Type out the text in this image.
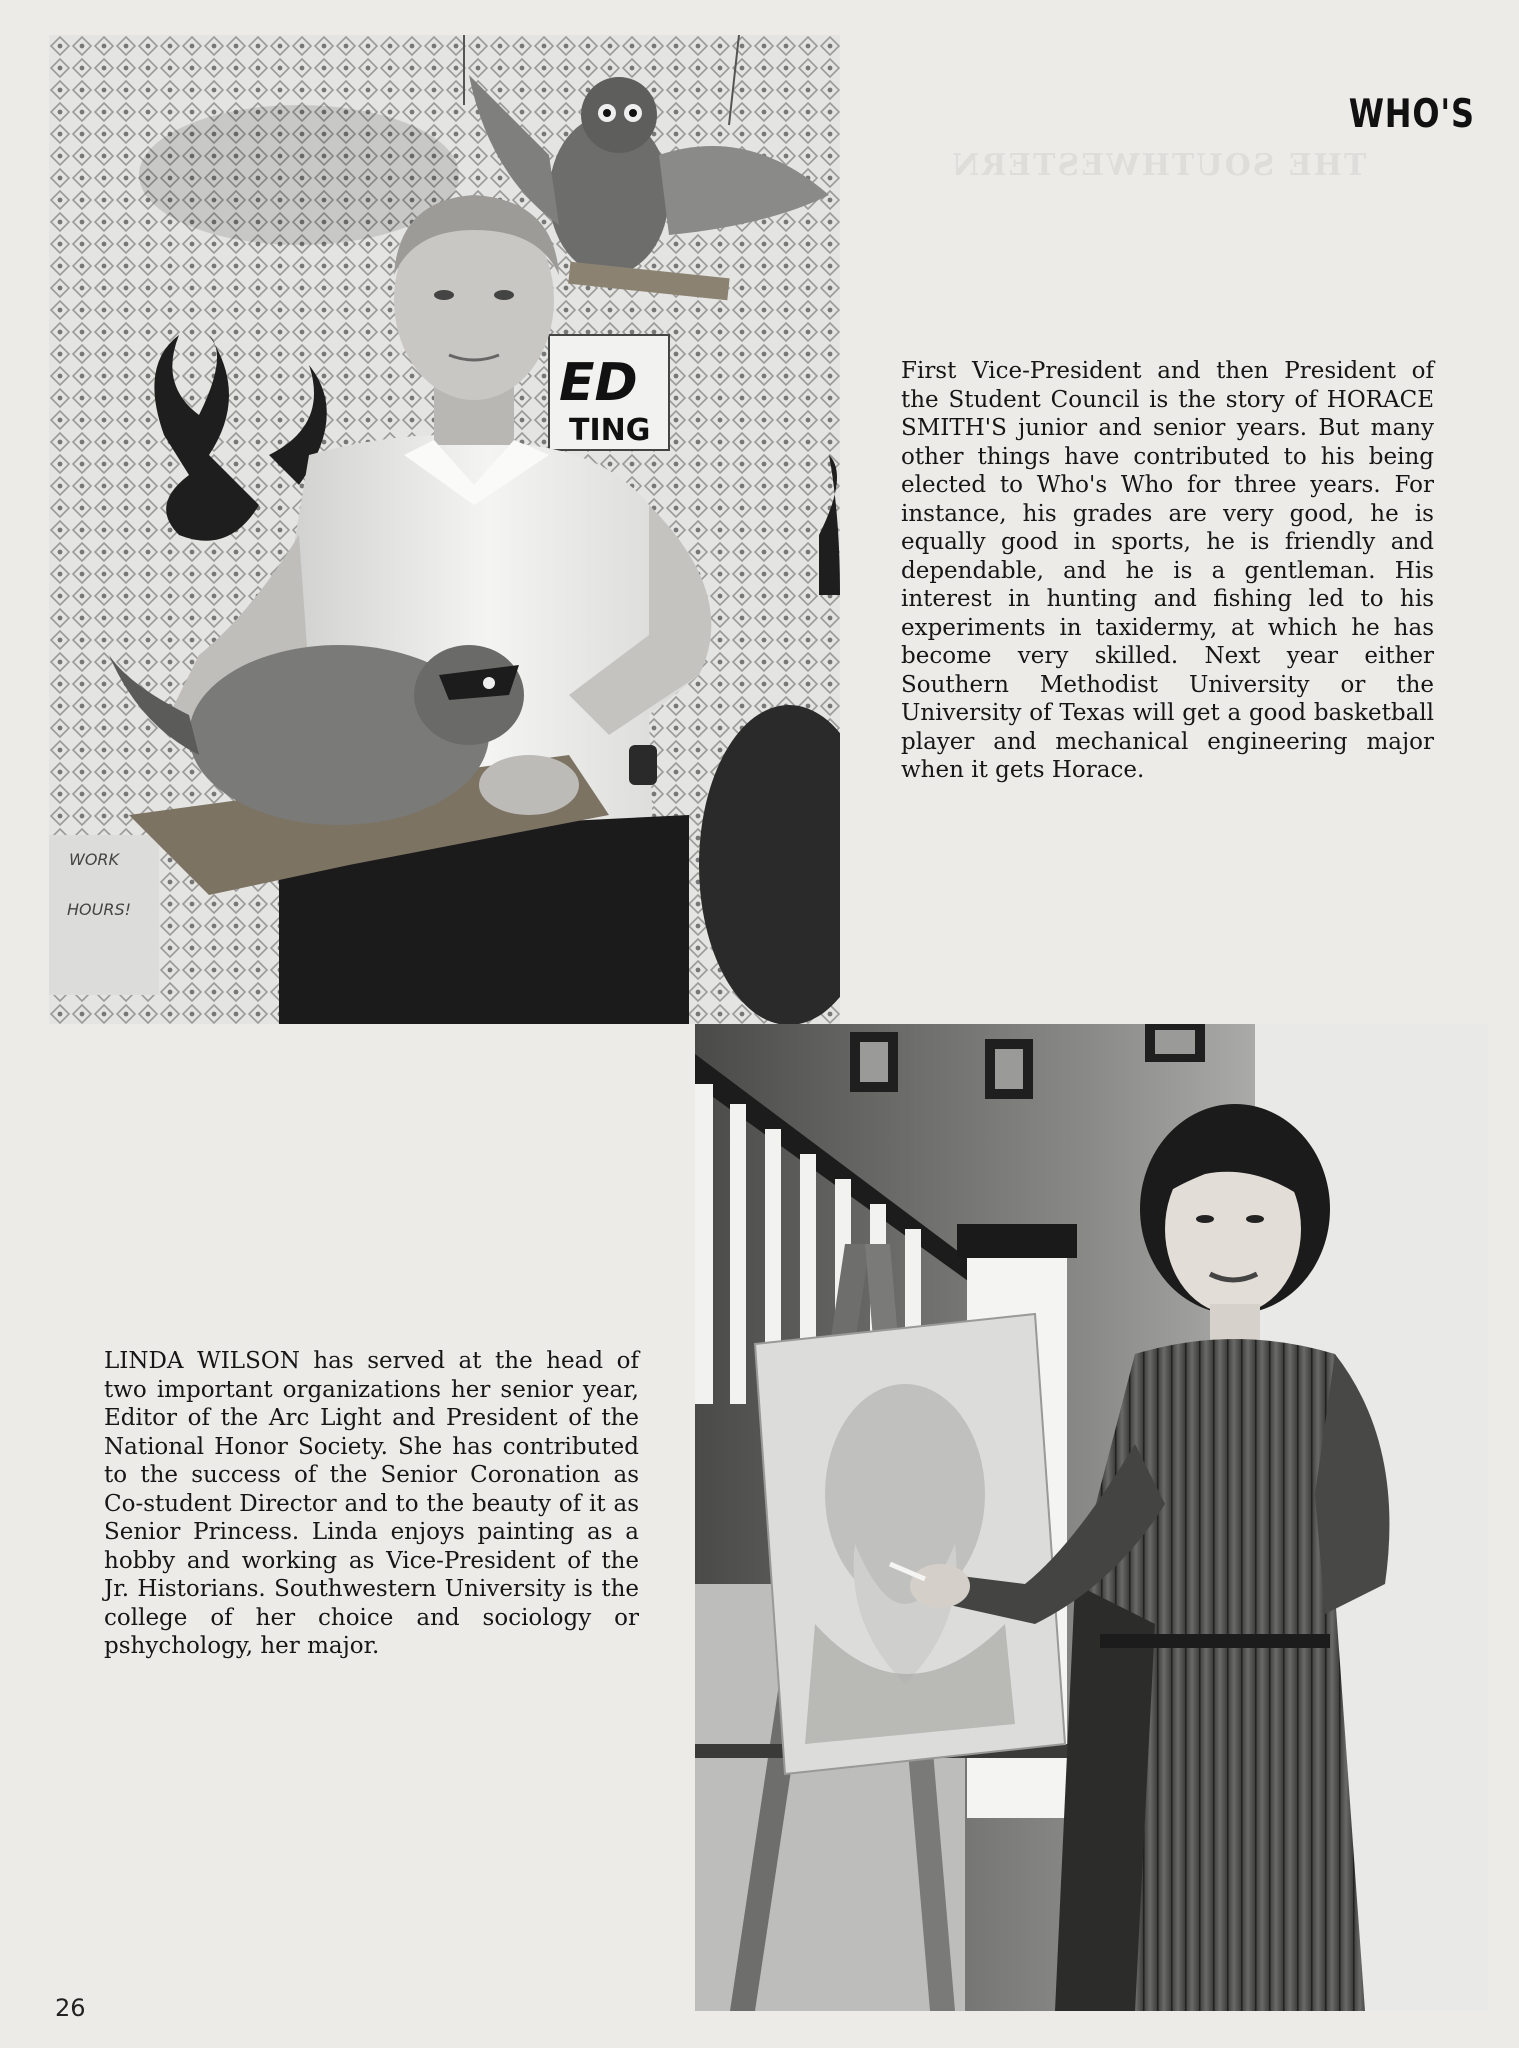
ED
TING
WORK
HOURS!
WHO'S
THE SOUTHWESTERN
First Vice-President and then President of the Student Council is the story of HORACE SMITH'S junior and senior years. But many other things have contributed to his being elected to Who's Who for three years. For instance, his grades are very good, he is equally good in sports, he is friendly and dependable, and he is a gentleman. His interest in hunting and fishing led to his experiments in taxidermy, at which he has become very skilled. Next year either Southern Methodist University or the University of Texas will get a good basketball player and mechanical engineering major when it gets Horace.
LINDA WILSON has served at the head of two important organizations her senior year, Editor of the Arc Light and President of the National Honor Society. She has contributed to the success of the Senior Coronation as Co-student Director and to the beauty of it as Senior Princess. Linda enjoys painting as a hobby and working as Vice-President of the Jr. Historians. Southwestern University is the college of her choice and sociology or pshychology, her major.
26
